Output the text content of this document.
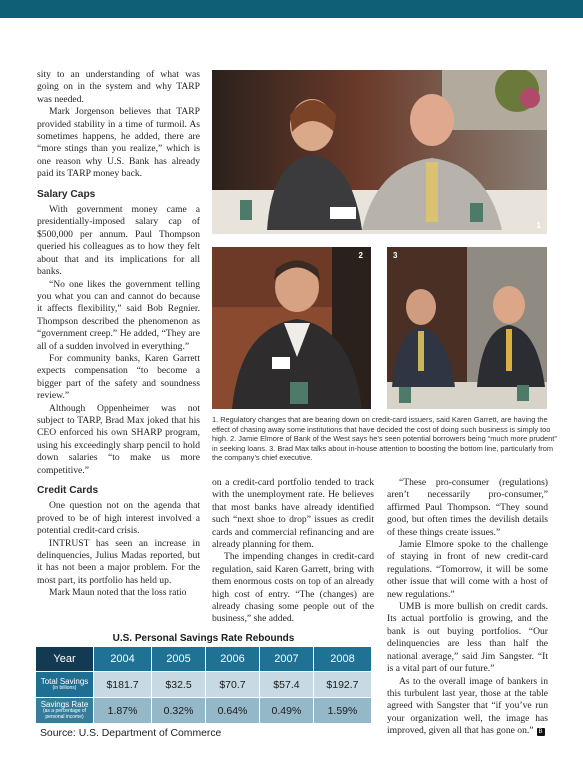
sity to an understanding of what was going on in the system and why TARP was needed.

Mark Jorgenson believes that TARP provided stability in a time of turmoil. As sometimes happens, he added, there are “more stings than you realize,” which is one reason why U.S. Bank has already paid its TARP money back.

Salary Caps

With government money came a presidentially-imposed salary cap of $500,000 per annum. Paul Thompson queried his colleagues as to how they felt about that and its implications for all banks.

“No one likes the government telling you what you can and cannot do because it affects flexibility,” said Bob Regnier. Thompson described the phenomenon as “government creep.” He added, “They are all of a sudden involved in everything.”

For community banks, Karen Garrett expects compensation “to become a bigger part of the safety and soundness review.”

Although Oppenheimer was not subject to TARP, Brad Max joked that his CEO enforced his own SHARP program, using his exceedingly sharp pencil to hold down salaries “to make us more competitive.”

Credit Cards

One question not on the agenda that proved to be of high interest involved a potential credit-card crisis.

INTRUST has seen an increase in delinquencies, Julius Madas reported, but it has not been a major problem. For the most part, its portfolio has held up.

Mark Maun noted that the loss ratio

1
2	3
1. Regulatory changes that are bearing down on credit-card issuers, said Karen Garrett, are having the effect of chasing away some institutions that have decided the cost of doing such business is simply too high. 2. Jamie Elmore of Bank of the West says he’s seen potential borrowers being “much more prudent” in seeking loans. 3. Brad Max talks about in-house attention to boosting the bottom line, particularly from the company’s chief executive.

on a credit-card portfolio tended to track with the unemployment rate. He believes that most banks have already identified such “next shoe to drop” issues as credit cards and commercial refinancing and are already planning for them.

The impending changes in credit-card regulation, said Karen Garrett, bring with them enormous costs on top of an already high cost of entry. “The (changes) are already chasing some people out of the business,” she added.

“These pro-consumer (regulations) aren’t necessarily pro-consumer,” affirmed Paul Thompson. “They sound good, but often times the devilish details of these things create issues.”

Jamie Elmore spoke to the challenge of staying in front of new credit-card regulations. “Tomorrow, it will be some other issue that will come with a host of new regulations.”

UMB is more bullish on credit cards. Its actual portfolio is growing, and the bank is out buying portfolios. “Our delinquencies are less than half the national average,” said Jim Sangster. “It is a vital part of our future.”

As to the overall image of bankers in this turbulent last year, those at the table agreed with Sangster that “if you’ve run your organization well, the image has improved, given all that has gone on.” B

U.S. Personal Savings Rate Rebounds
Year	2004	2005	2006	2007	2008
Total Savings
(in billions)	$181.7	$32.5	$70.7	$57.4	$192.7
Savings Rate
(as a percentage of personal income)	1.87%	0.32%	0.64%	0.49%	1.59%
Source: U.S. Department of Commerce
